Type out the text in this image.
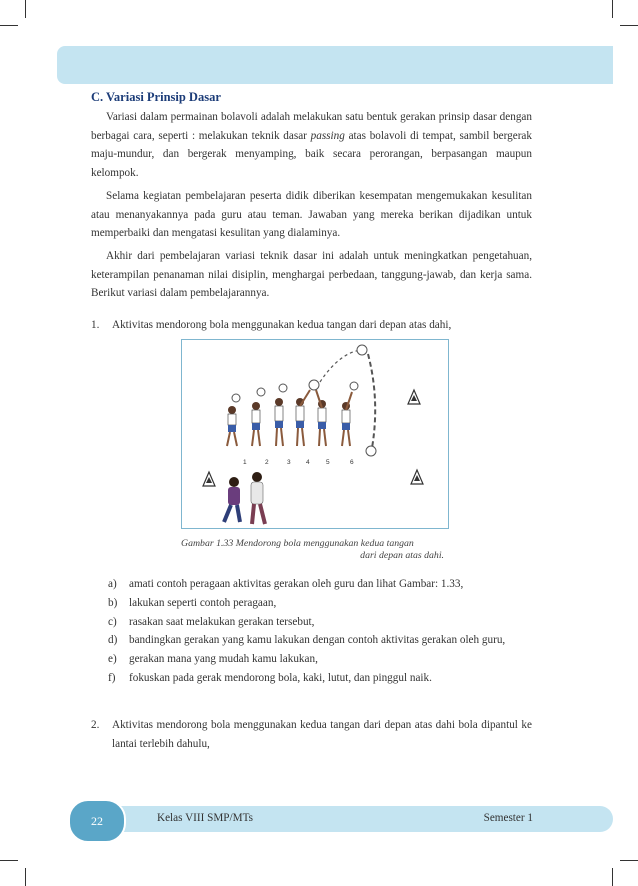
C. Variasi Prinsip Dasar

Variasi dalam permainan bolavoli adalah melakukan satu bentuk gerakan prinsip dasar dengan berbagai cara, seperti : melakukan teknik dasar passing atas bolavoli di tempat, sambil bergerak maju-mundur, dan bergerak menyamping, baik secara perorangan, berpasangan maupun kelompok.

Selama kegiatan pembelajaran peserta didik diberikan kesempatan mengemukakan kesulitan atau menanyakannya pada guru atau teman. Jawaban yang mereka berikan dijadikan untuk memperbaiki dan mengatasi kesulitan yang dialaminya.

Akhir dari pembelajaran variasi teknik dasar ini adalah untuk meningkatkan pengetahuan, keterampilan penanaman nilai disiplin, menghargai perbedaan, tanggung-jawab, dan kerja sama. Berikut variasi dalam pembelajarannya.

1.	Aktivitas mendorong bola menggunakan kedua tangan dari depan atas dahi,
1	2	3 4	5	6
Gambar 1.33 Mendorong bola menggunakan kedua tangan
dari depan atas dahi.
a) amati contoh peragaan aktivitas gerakan oleh guru dan lihat Gambar: 1.33,
b) lakukan seperti contoh peragaan,
c) rasakan saat melakukan gerakan tersebut,
d) bandingkan gerakan yang kamu lakukan dengan contoh aktivitas gerakan oleh guru,
e) gerakan mana yang mudah kamu lakukan,
f) fokuskan pada gerak mendorong bola, kaki, lutut, dan pinggul naik.
2.	Aktivitas mendorong bola menggunakan kedua tangan dari depan atas dahi bola dipantul ke lantai terlebih dahulu,
22	Kelas VIII SMP/MTs	Semester 1
